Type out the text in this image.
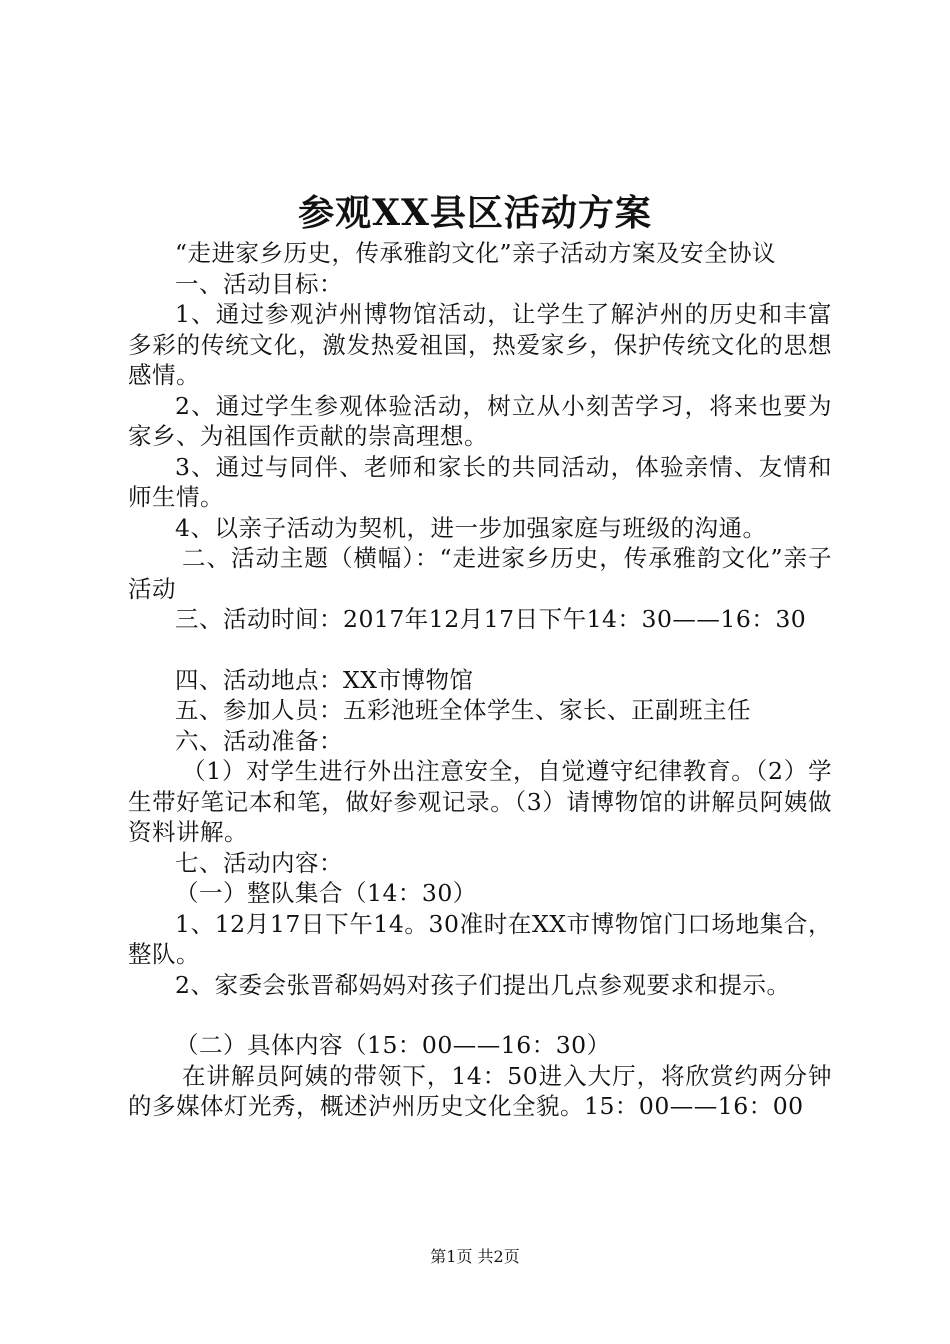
参观XX县区活动方案

“走进家乡历史，传承雅韵文化”亲子活动方案及安全协议

一、活动目标：

1、通过参观泸州博物馆活动，让学生了解泸州的历史和丰富多彩的传统文化，激发热爱祖国，热爱家乡，保护传统文化的思想感情。

2、通过学生参观体验活动，树立从小刻苦学习，将来也要为家乡、为祖国作贡献的崇高理想。

3、通过与同伴、老师和家长的共同活动，体验亲情、友情和师生情。

4、以亲子活动为契机，进一步加强家庭与班级的沟通。

二、活动主题（横幅）：“走进家乡历史，传承雅韵文化”亲子活动

三、活动时间：2017年12月17日下午14：30——16：30

四、活动地点：XX市博物馆

五、参加人员：五彩池班全体学生、家长、正副班主任

六、活动准备：

（1）对学生进行外出注意安全，自觉遵守纪律教育。（2）学生带好笔记本和笔，做好参观记录。（3）请博物馆的讲解员阿姨做资料讲解。

七、活动内容：

（一）整队集合（14：30）

1、12月17日下午14。30准时在XX市博物馆门口场地集合，整队。

2、家委会张晋郗妈妈对孩子们提出几点参观要求和提示。

（二）具体内容（15：00——16：30）

在讲解员阿姨的带领下，14：50进入大厅，将欣赏约两分钟的多媒体灯光秀，概述泸州历史文化全貌。15：00——16：00

第1页 共2页
